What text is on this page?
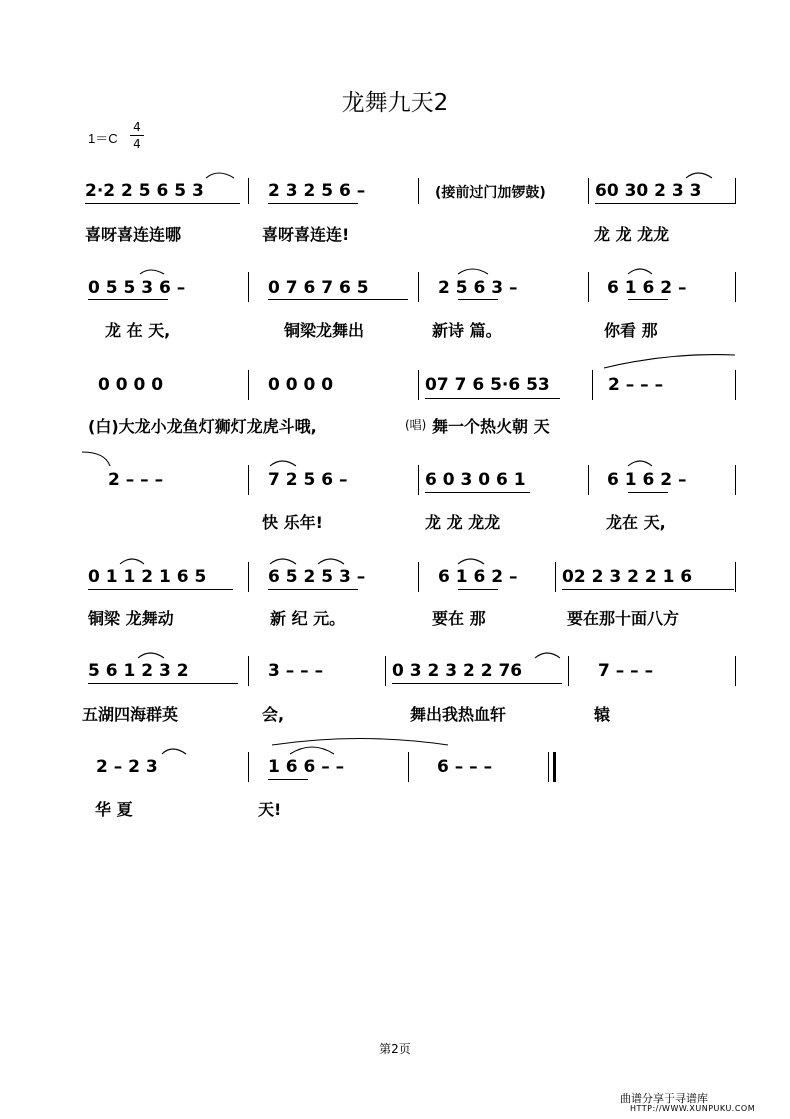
龙舞九天2
1＝C
4
4
2·2 2 5 6 5 3	2 3 2 5 6 –	(接前过门加锣鼓)	60 30 2 3 3
喜呀喜连连哪	喜呀喜连连!	龙 龙 龙龙
0 5 5 3 6 –	0 7 6 7 6 5	2 5 6 3 –	6 1 6 2 –
龙 在 天,	铜梁龙舞出	新诗 篇。	你看 那
0 0 0 0	0 0 0 0	07 7 6 5·6 53	2 – – –
(白)大龙小龙鱼灯狮灯龙虎斗哦,	(唱) 舞一个热火朝 天
2 – – –	7 2 5 6 –	6 0 3 0 6 1	6 1 6 2 –
快 乐年!	龙 龙 龙龙	龙在 天,
0 1 1 2 1 6 5	6 5 2 5 3 –	6 1 6 2 –	02 2 3 2 2 1 6
铜梁 龙舞动	新 纪 元。	要在 那	要在那十面八方
5 6 1 2 3 2	3 – – –	0 3 2 3 2 2 76	7 – – –
五湖四海群英	会,	舞出我热血轩	辕
2 – 2 3	1 6 6 – –	6 – – –
华 夏	天!
第2页
曲谱分享于寻谱库
HTTP://WWW.XUNPUKU.COM
